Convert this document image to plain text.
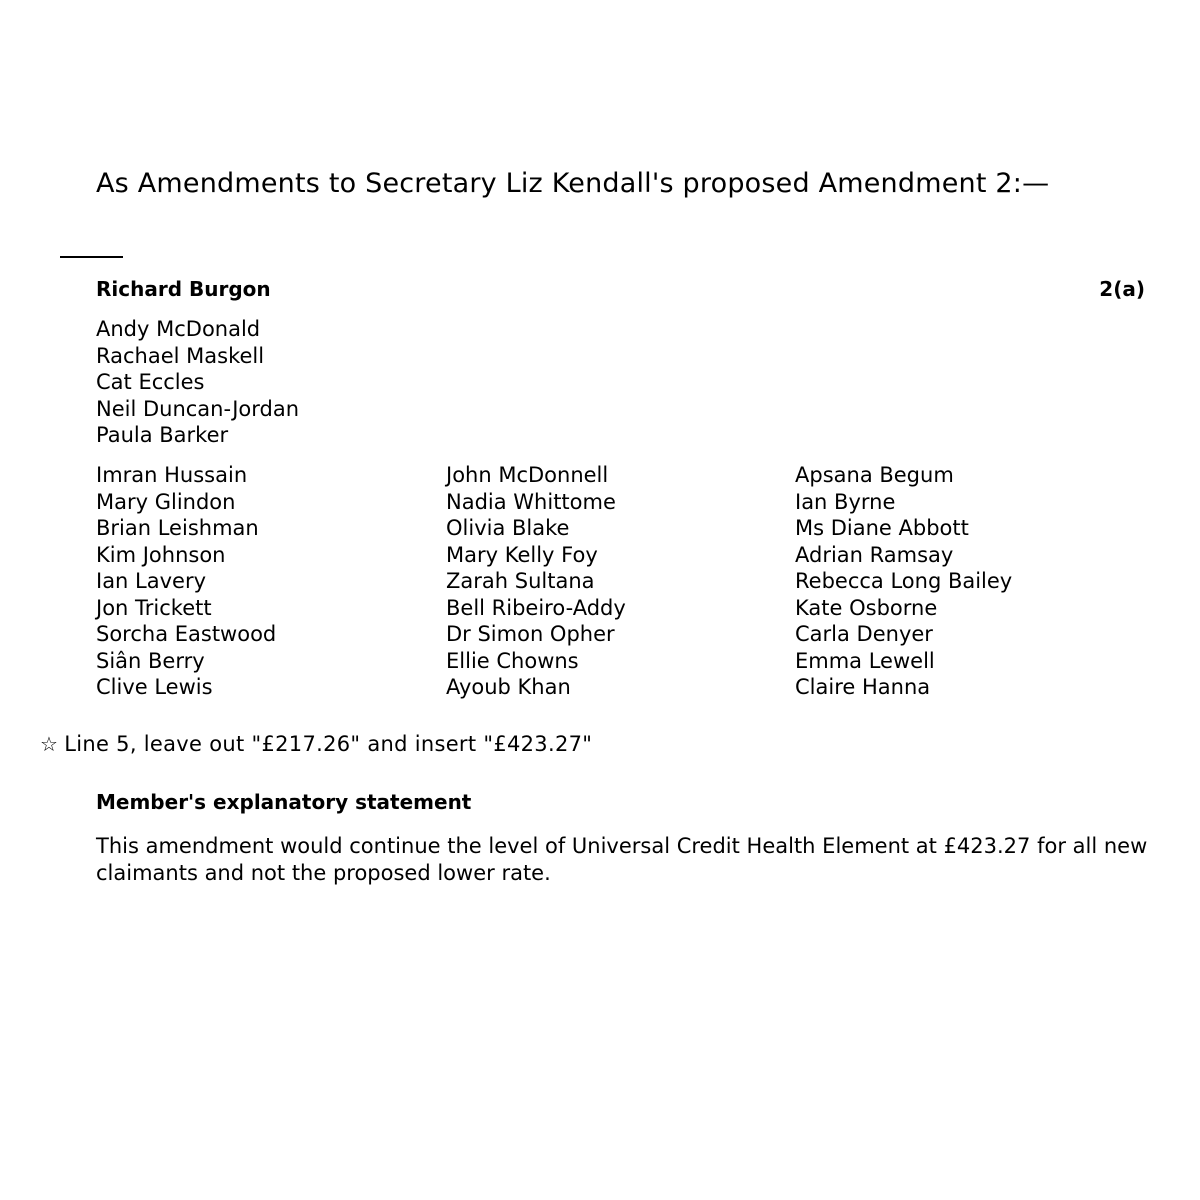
As Amendments to Secretary Liz Kendall's proposed Amendment 2:—
Richard Burgon	2(a)
Andy McDonald
Rachael Maskell
Cat Eccles
Neil Duncan-Jordan
Paula Barker
Imran Hussain
Mary Glindon
Brian Leishman
Kim Johnson
Ian Lavery
Jon Trickett
Sorcha Eastwood
Siân Berry
Clive Lewis
John McDonnell
Nadia Whittome
Olivia Blake
Mary Kelly Foy
Zarah Sultana
Bell Ribeiro-Addy
Dr Simon Opher
Ellie Chowns
Ayoub Khan
Apsana Begum
Ian Byrne
Ms Diane Abbott
Adrian Ramsay
Rebecca Long Bailey
Kate Osborne
Carla Denyer
Emma Lewell
Claire Hanna
☆ Line 5, leave out "£217.26" and insert "£423.27"
Member's explanatory statement
This amendment would continue the level of Universal Credit Health Element at £423.27 for all new claimants and not the proposed lower rate.
